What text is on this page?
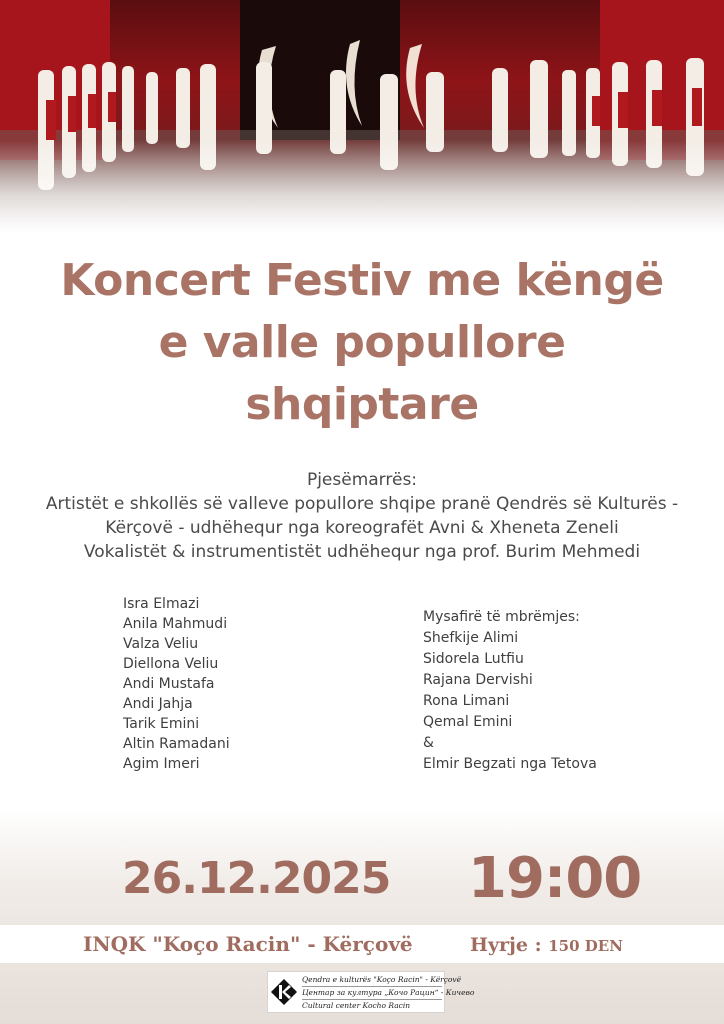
Koncert Festiv me këngë
e valle popullore
shqiptare
Pjesëmarrës:
Artistët e shkollës së valleve popullore shqipe pranë Qendrës së Kulturës -
Kërçovë - udhëhequr nga koreografët Avni & Xheneta Zeneli
Vokalistët & instrumentistët udhëhequr nga prof. Burim Mehmedi
Isra Elmazi
Anila Mahmudi
Valza Veliu
Diellona Veliu
Andi Mustafa
Andi Jahja
Tarik Emini
Altin Ramadani
Agim Imeri
Mysafirë të mbrëmjes:
Shefkije Alimi
Sidorela Lutfiu
Rajana Dervishi
Rona Limani
Qemal Emini
&
Elmir Begzati nga Tetova
26.12.2025 19:00
INQK "Koço Racin" - Kërçovë	Hyrje : 150 DEN
Qendra e kulturës "Koço Racin" - Kërçovë
Центар за култура „Кочо Рацин“ - Кичево
Cultural center Kocho Racin
